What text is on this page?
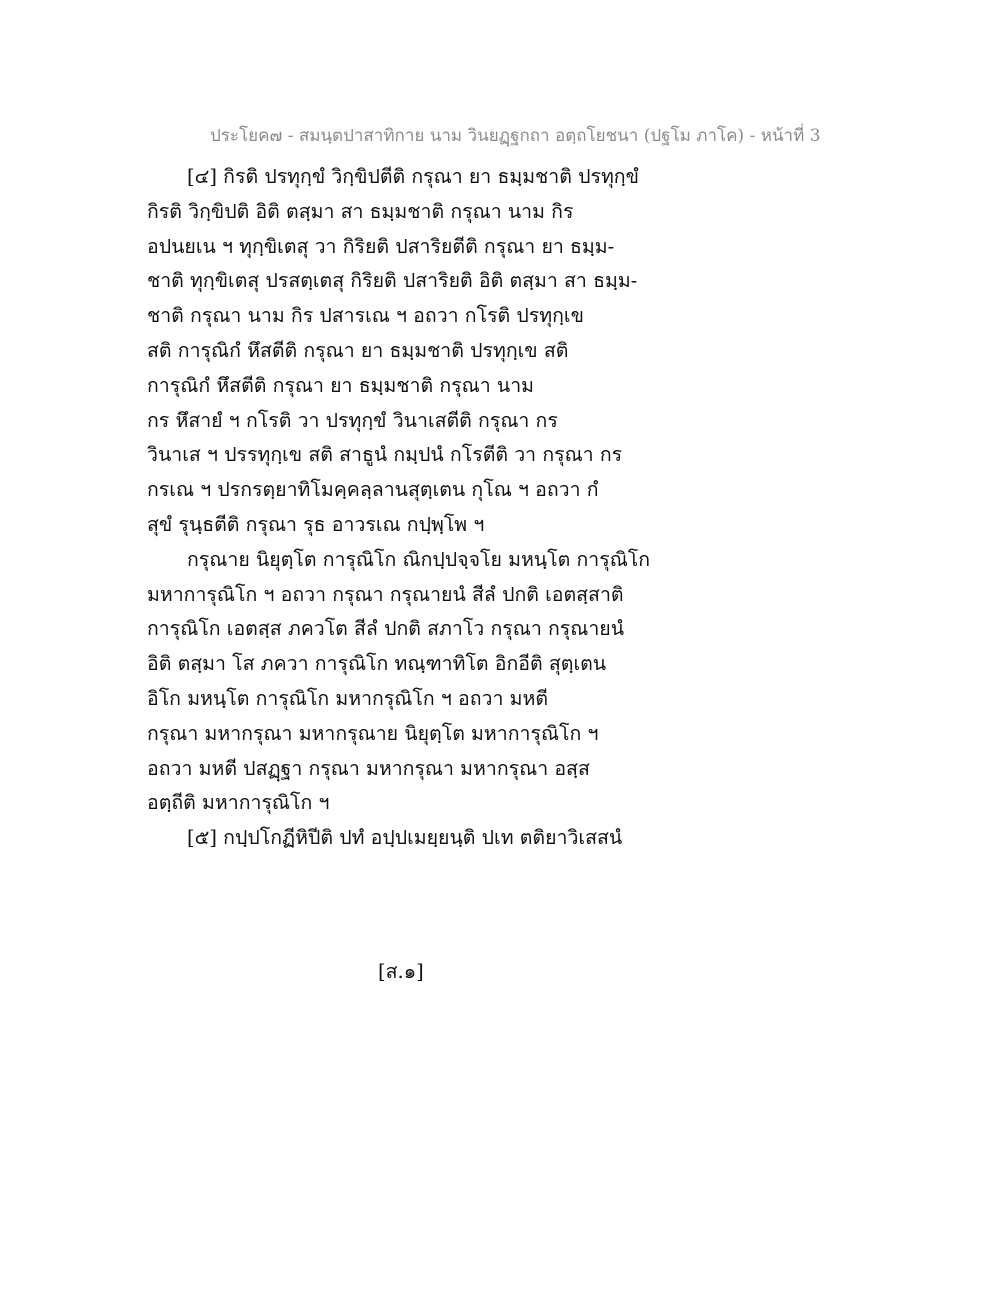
ประโยค๗ - สมนฺตปาสาทิกาย นาม วินยฏฺฐกถา อตฺถโยชนา (ปฐโม ภาโค) - หน้าที่ 3
[๔] กิรติ ปรทุกฺขํ วิกฺขิปตีติ กรุณา ยา ธมฺมชาติ ปรทุกฺขํ
กิรติ วิกฺขิปติ อิติ ตสฺมา สา ธมฺมชาติ กรุณา นาม กิร
อปนยเน ฯ ทุกฺขิเตสุ วา กิริยติ ปสาริยตีติ กรุณา ยา ธมฺม-
ชาติ ทุกฺขิเตสุ ปรสตฺเตสุ กิริยติ ปสาริยติ อิติ ตสฺมา สา ธมฺม-
ชาติ กรุณา นาม กิร ปสารเณ ฯ อถวา กโรติ ปรทุกฺเข
สติ การุณิกํ หึสตีติ กรุณา ยา ธมฺมชาติ ปรทุกฺเข สติ
การุณิกํ หึสตีติ กรุณา ยา ธมฺมชาติ กรุณา นาม
กร หึสายํ ฯ กโรติ วา ปรทุกฺขํ วินาเสตีติ กรุณา กร
วินาเส ฯ ปรรทุกฺเข สติ สาธูนํ กมฺปนํ กโรตีติ วา กรุณา กร
กรเณ ฯ ปรกรตฺยาทิโมคฺคลฺลานสุตฺเตน กุโณ ฯ อถวา กํ
สุขํ รุนฺธตีติ กรุณา รุธ อาวรเณ กปฺพฺโพ ฯ
กรุณาย นิยุตฺโต การุณิโก ณิกปฺปจฺจโย มหนฺโต การุณิโก
มหาการุณิโก ฯ อถวา กรุณา กรุณายนํ สีลํ ปกติ เอตสฺสาติ
การุณิโก เอตสฺส ภควโต สีลํ ปกติ สภาโว กรุณา กรุณายนํ
อิติ ตสฺมา โส ภควา การุณิโก ทณฺฑาทิโต อิกอีติ สุตฺเตน
อิโก มหนฺโต การุณิโก มหากรุณิโก ฯ อถวา มหตี
กรุณา มหากรุณา มหากรุณาย นิยุตฺโต มหาการุณิโก ฯ
อถวา มหตี ปสฏฺฐา กรุณา มหากรุณา มหากรุณา อสฺส
อตฺถีติ มหาการุณิโก ฯ
[๕] กปฺปโกฏีหิปีติ ปทํ อปฺปเมยฺยนฺติ ปเท ตติยาวิเสสนํ
[ส.๑]
